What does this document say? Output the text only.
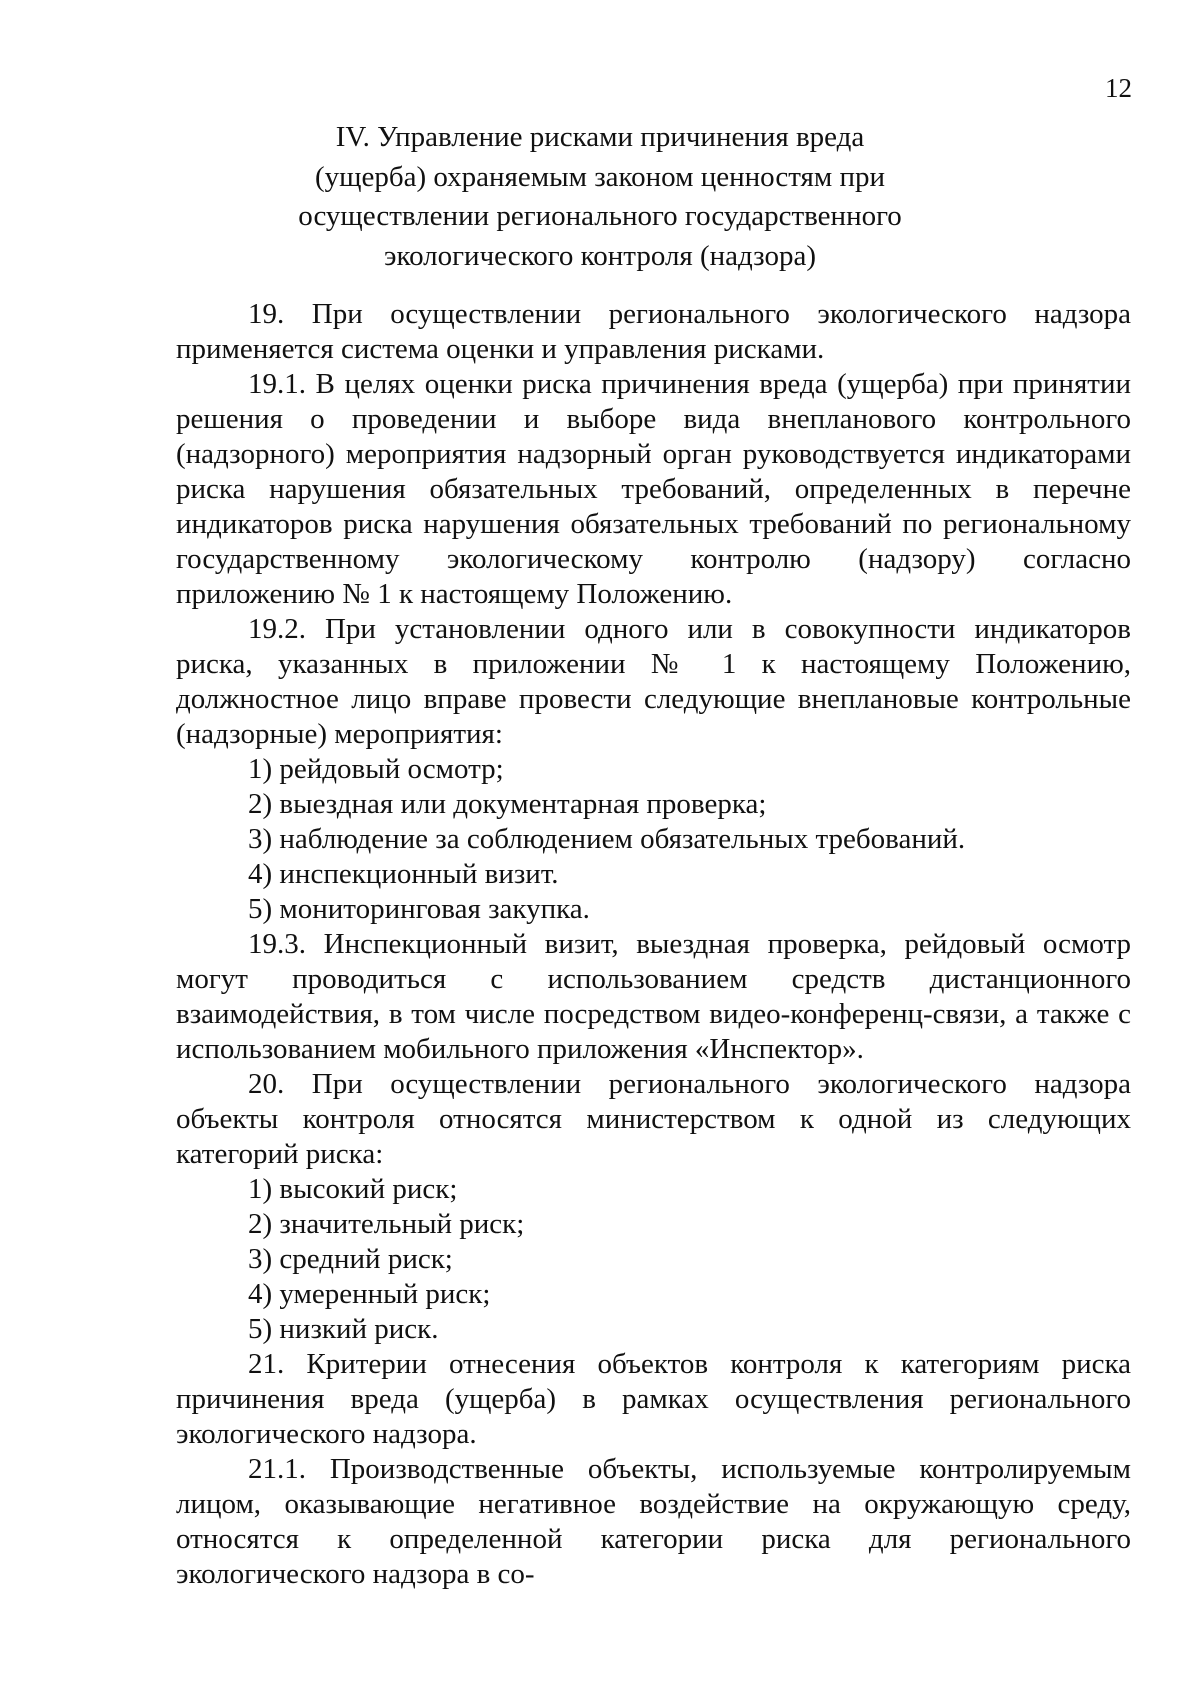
12
IV. Управление рисками причинения вреда
(ущерба) охраняемым законом ценностям при
осуществлении регионального государственного
экологического контроля (надзора)

19. При осуществлении регионального экологического надзора применяется система оценки и управления рисками.

19.1. В целях оценки риска причинения вреда (ущерба) при принятии решения о проведении и выборе вида внепланового контрольного (надзорного) мероприятия надзорный орган руководствуется индикаторами риска нарушения обязательных требований, определенных в перечне индикаторов риска нарушения обязательных требований по региональному государственному экологическому контролю (надзору) согласно приложению № 1 к настоящему Положению.

19.2. При установлении одного или в совокупности индикаторов риска, указанных в приложении № 1 к настоящему Положению, должностное лицо вправе провести следующие внеплановые контрольные (надзорные) мероприятия:

1) рейдовый осмотр;

2) выездная или документарная проверка;

3) наблюдение за соблюдением обязательных требований.

4) инспекционный визит.

5) мониторинговая закупка.

19.3. Инспекционный визит, выездная проверка, рейдовый осмотр могут проводиться с использованием средств дистанционного взаимодействия, в том числе посредством видео-конференц-связи, а также с использованием мобильного приложения «Инспектор».

20. При осуществлении регионального экологического надзора объекты контроля относятся министерством к одной из следующих категорий риска:

1) высокий риск;

2) значительный риск;

3) средний риск;

4) умеренный риск;

5) низкий риск.

21. Критерии отнесения объектов контроля к категориям риска причинения вреда (ущерба) в рамках осуществления регионального экологического надзора.

21.1. Производственные объекты, используемые контролируемым лицом, оказывающие негативное воздействие на окружающую среду, относятся к определенной категории риска для регионального экологического надзора в со-
